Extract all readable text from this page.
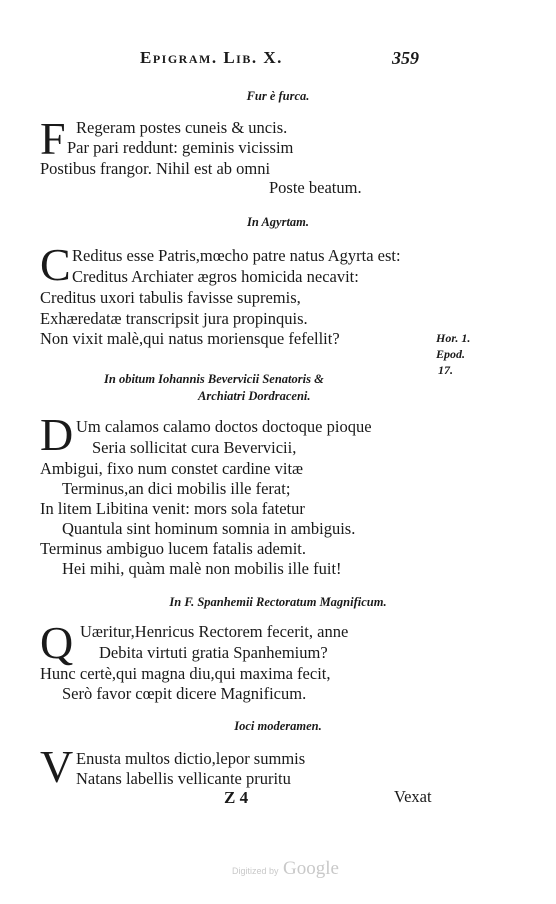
Epigram. Lib. X.	359
Fur è furca.
F Regeram postes cuneis & uncis.
Par pari reddunt: geminis vicissim
Postibus frangor. Nihil est ab omni
Poste beatum.
In Agyrtam.
C Reditus esse Patris,mœcho patre natus Agyrta est:
Creditus Archiater ægros homicida necavit:
Creditus uxori tabulis favisse supremis,
Exhæredatæ transcripsit jura propinquis.
Non vixit malè,qui natus moriensque fefellit?	Hor. 1.
Epod.
17.
In obitum Iohannis Bevervicii Senatoris &
Archiatri Dordraceni.
D Um calamos calamo doctos doctoque pioque
Seria sollicitat cura Bevervicii,
Ambigui, fixo num constet cardine vitæ
Terminus,an dici mobilis ille ferat;
In litem Libitina venit: mors sola fatetur
Quantula sint hominum somnia in ambiguis.
Terminus ambiguo lucem fatalis ademit.
Hei mihi, quàm malè non mobilis ille fuit!
In F. Spanhemii Rectoratum Magnificum.
Q Uæritur,Henricus Rectorem fecerit, anne
Debita virtuti gratia Spanhemium?
Hunc certè,qui magna diu,qui maxima fecit,
Serò favor cœpit dicere Magnificum.
Ioci moderamen.
V Enusta multos dictio,lepor summis
Natans labellis vellicante pruritu
Z 4	Vexat
Digitized by Google
